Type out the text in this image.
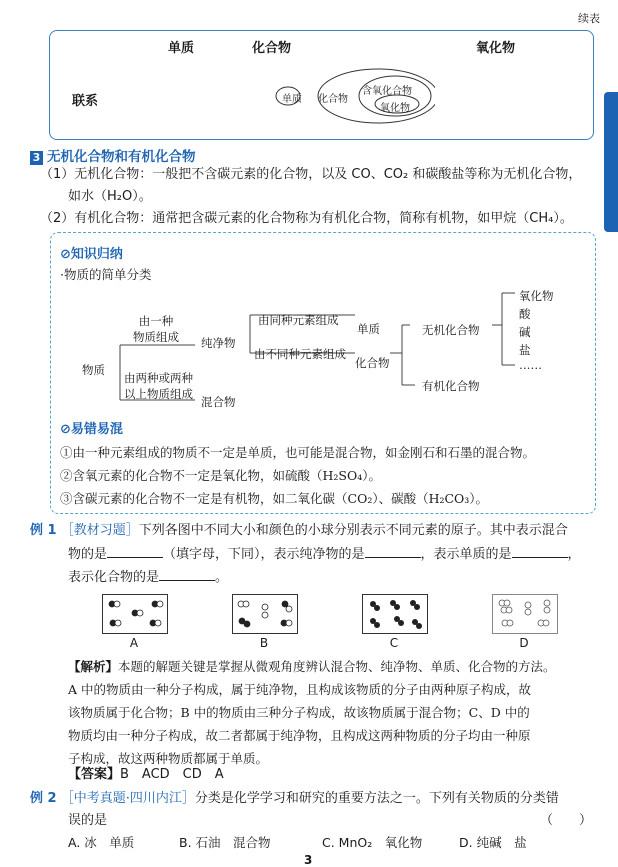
续表
单质	化合物	氧化物
联系	单质 化合物
含氧化合物
氧化物
3 无机化合物和有机化合物
（1）无机化合物：一般把不含碳元素的化合物，以及 CO、CO₂ 和碳酸盐等称为无机化合物，
如水（H₂O）。
（2）有机化合物：通常把含碳元素的化合物称为有机化合物，简称有机物，如甲烷（CH₄）。
⊘知识归纳
·物质的简单分类
物质
由一种
物质组成
由两种或两种
以上物质组成
纯净物
混合物
由同种元素组成
由不同种元素组成
单质
化合物
无机化合物
有机化合物
氧化物
酸
碱
盐
……
⊘易错易混
①由一种元素组成的物质不一定是单质，也可能是混合物，如金刚石和石墨的混合物。
②含氧元素的化合物不一定是氧化物，如硫酸（H₂SO₄）。
③含碳元素的化合物不一定是有机物，如二氧化碳（CO₂）、碳酸（H₂CO₃）。
例 1 ［教材习题］下列各图中不同大小和颜色的小球分别表示不同元素的原子。其中表示混合
物的是	（填字母，下同），表示纯净物的是	，表示单质的是	，
表示化合物的是	。
A	B	C	D
【解析】本题的解题关键是掌握从微观角度辨认混合物、纯净物、单质、化合物的方法。
A 中的物质由一种分子构成，属于纯净物，且构成该物质的分子由两种原子构成，故
该物质属于化合物；B 中的物质由三种分子构成，故该物质属于混合物；C、D 中的
物质均由一种分子构成，故二者都属于纯净物，且构成这两种物质的分子均由一种原
子构成，故这两种物质都属于单质。
【答案】B　ACD　CD　A
例 2 ［中考真题·四川内江］分类是化学学习和研究的重要方法之一。下列有关物质的分类错
误的是	（　　）
A. 冰　单质	B. 石油　混合物	C. MnO₂　氧化物	D. 纯碱　盐
3
